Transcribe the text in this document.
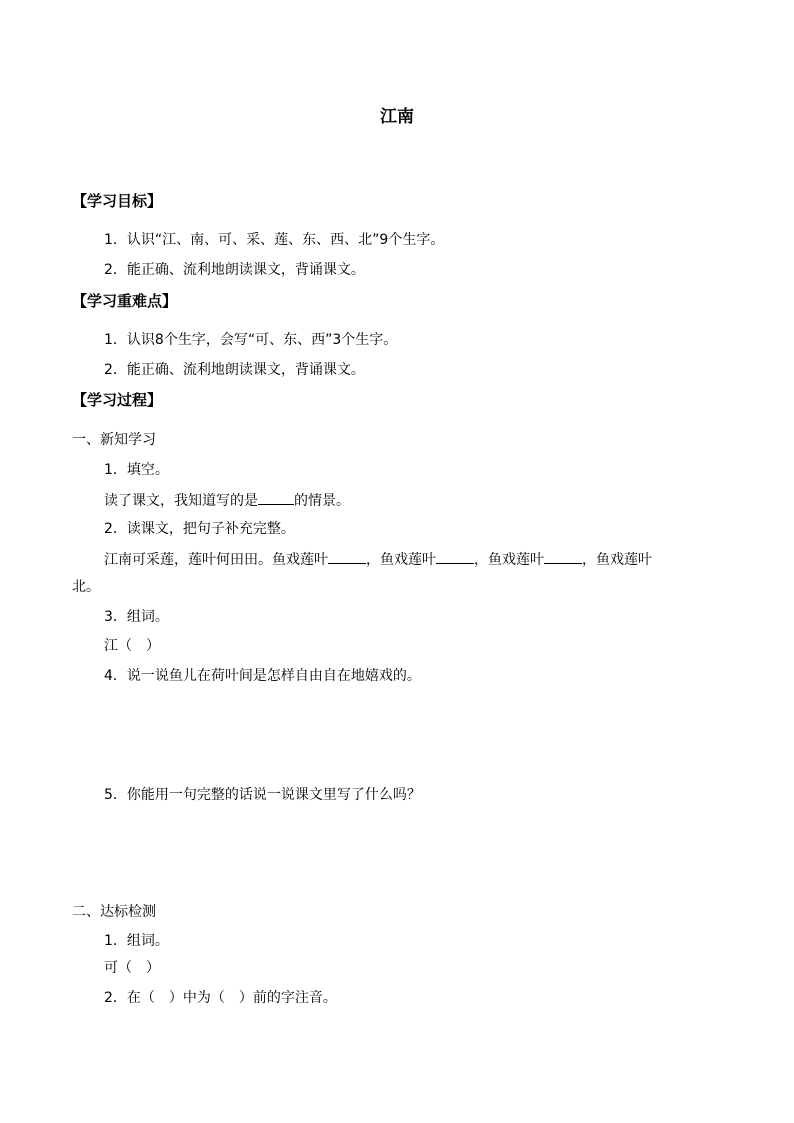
江南
【学习目标】
1．认识“江、南、可、采、莲、东、西、北”9个生字。
2．能正确、流利地朗读课文，背诵课文。
【学习重难点】
1．认识8个生字，会写“可、东、西”3个生字。
2．能正确、流利地朗读课文，背诵课文。
【学习过程】
一、新知学习
1．填空。
读了课文，我知道写的是	的情景。
2．读课文，把句子补充完整。
江南可采莲，莲叶何田田。鱼戏莲叶	，鱼戏莲叶	，鱼戏莲叶	，鱼戏莲叶
北。
3．组词。
江（　）
4．说一说鱼儿在荷叶间是怎样自由自在地嬉戏的。
5．你能用一句完整的话说一说课文里写了什么吗？
二、达标检测
1．组词。
可（　）
2．在（　）中为（　）前的字注音。
